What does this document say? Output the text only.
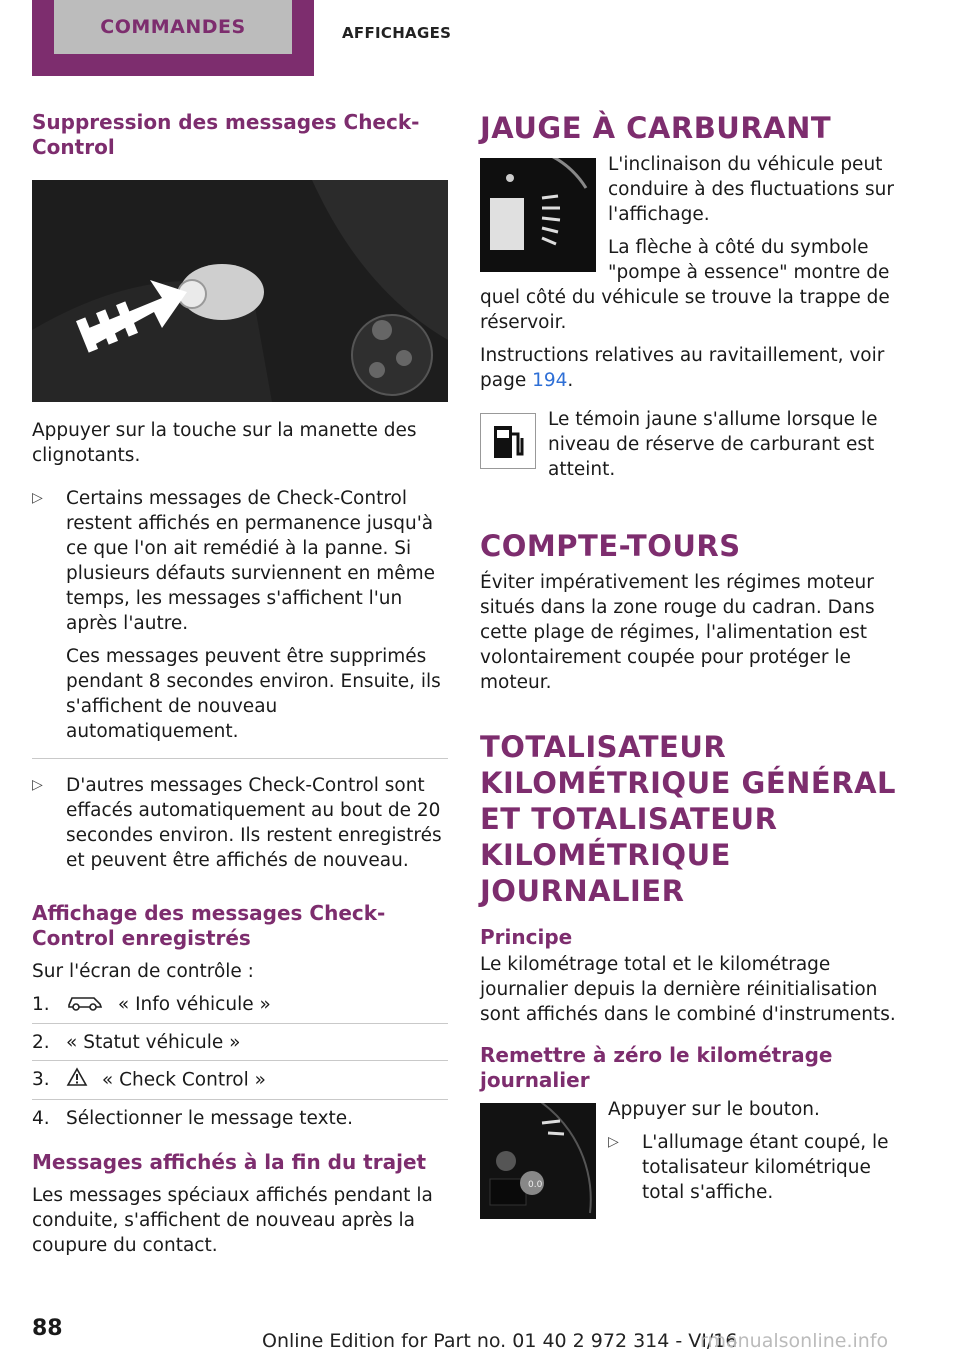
COMMANDES	AFFICHAGES
Suppression des messages Check-Control

Appuyer sur la touche sur la manette des clignotants.

▷ Certains messages de Check-Control restent affichés en permanence jusqu'à ce que l'on ait remédié à la panne. Si plusieurs défauts surviennent en même temps, les messages s'affichent l'un après l'autre.
Ces messages peuvent être supprimés pendant 8 secondes environ. Ensuite, ils s'affichent de nouveau automatiquement.
▷ D'autres messages Check-Control sont effacés automatiquement au bout de 20 secondes environ. Ils restent enregistrés et peuvent être affichés de nouveau.
Affichage des messages Check-Control enregistrés

Sur l'écran de contrôle :

1.	« Info véhicule »
2. « Statut véhicule »
3.	« Check Control »
4. Sélectionner le message texte.
Messages affichés à la fin du trajet

Les messages spéciaux affichés pendant la conduite, s'affichent de nouveau après la coupure du contact.

JAUGE À CARBURANT

L'inclinaison du véhicule peut conduire à des fluctuations sur l'affichage.

La flèche à côté du symbole "pompe à essence" montre de quel côté du véhicule se trouve la trappe de réservoir.

Instructions relatives au ravitaillement, voir page 194.

Le témoin jaune s'allume lorsque le niveau de réserve de carburant est atteint.

COMPTE-TOURS

Éviter impérativement les régimes moteur situés dans la zone rouge du cadran. Dans cette plage de régimes, l'alimentation est volontairement coupée pour protéger le moteur.

TOTALISATEUR KILOMÉTRIQUE GÉNÉRAL ET TOTALISATEUR KILOMÉTRIQUE JOURNALIER
Principe

Le kilométrage total et le kilométrage journalier depuis la dernière réinitialisation sont affichés dans le combiné d'instruments.

Remettre à zéro le kilométrage journalier
0.0

Appuyer sur le bouton.

▷ L'allumage étant coupé, le totalisateur kilométrique total s'affiche.
88	Online Edition for Part no. 01 40 2 972 314 - VI/16
rmanualsonline.info
